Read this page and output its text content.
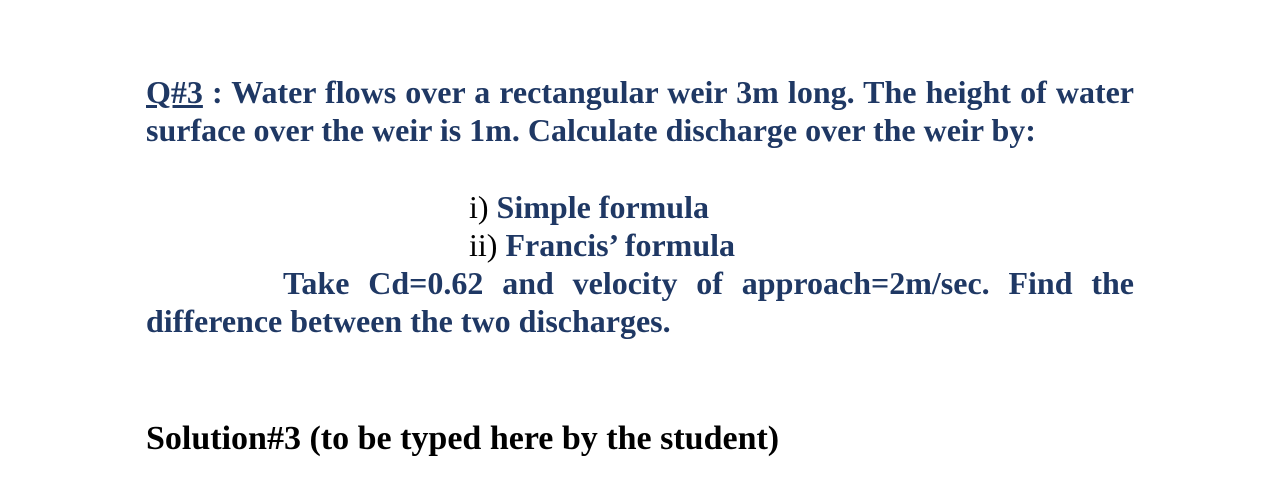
Q#3 : Water flows over a rectangular weir 3m long. The height of water surface over the weir is 1m. Calculate discharge over the weir by:
i) Simple formula
ii) Francis’ formula
Take Cd=0.62 and velocity of approach=2m/sec. Find the difference between the two discharges.
Solution#3 (to be typed here by the student)
